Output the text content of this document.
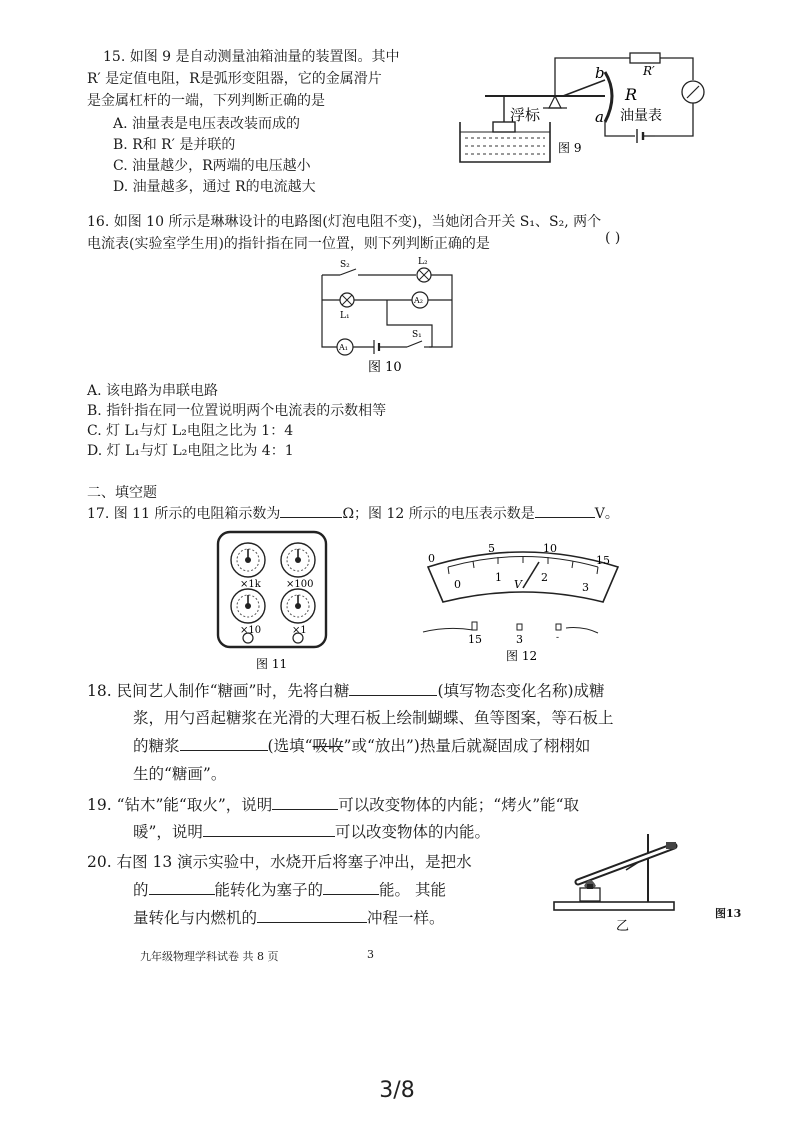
15. 如图 9 是自动测量油箱油量的装置图。其中
R′ 是定值电阻，R是弧形变阻器，它的金属滑片
是金属杠杆的一端，下列判断正确的是
A. 油量表是电压表改装而成的
B. R和 R′ 是并联的
C. 油量越少，R两端的电压越小
D. 油量越多，通过 R的电流越大
R′
b
R
a
浮标	油量表
图 9
16. 如图 10 所示是琳琳设计的电路图(灯泡电阻不变)，当她闭合开关 S₁、S₂, 两个
电流表(实验室学生用)的指针指在同一位置，则下列判断正确的是	( )
S₂	L₂
L₁
A₂
A₁
S₁
图 10
A. 该电路为串联电路
B. 指针指在同一位置说明两个电流表的示数相等
C. 灯 L₁与灯 L₂电阻之比为 1：4
D. 灯 L₁与灯 L₂电阻之比为 4：1
二、填空题
17. 图 11 所示的电阻箱示数为	Ω；图 12 所示的电压表示数是	V。
×1k	×100
×10	×1
图 11
0
5	10
15
0
1	2
3
V
15	3	-
图 12
18. 民间艺人制作“糖画”时，先将白糖	(填写物态变化名称)成糖
浆，用勺舀起糖浆在光滑的大理石板上绘制蝴蝶、鱼等图案，等石板上
的糖浆	(选填“吸收”或“放出”)热量后就凝固成了栩栩如
生的“糖画”。
19. “钻木”能“取火”，说明	可以改变物体的内能；“烤火”能“取
暖”，说明	可以改变物体的内能。
20. 右图 13 演示实验中，水烧开后将塞子冲出，是把水
的	能转化为塞子的	能。 其能
量转化与内燃机的	冲程一样。	乙
图13
九年级物理学科试卷 共 8 页	3
3/8
